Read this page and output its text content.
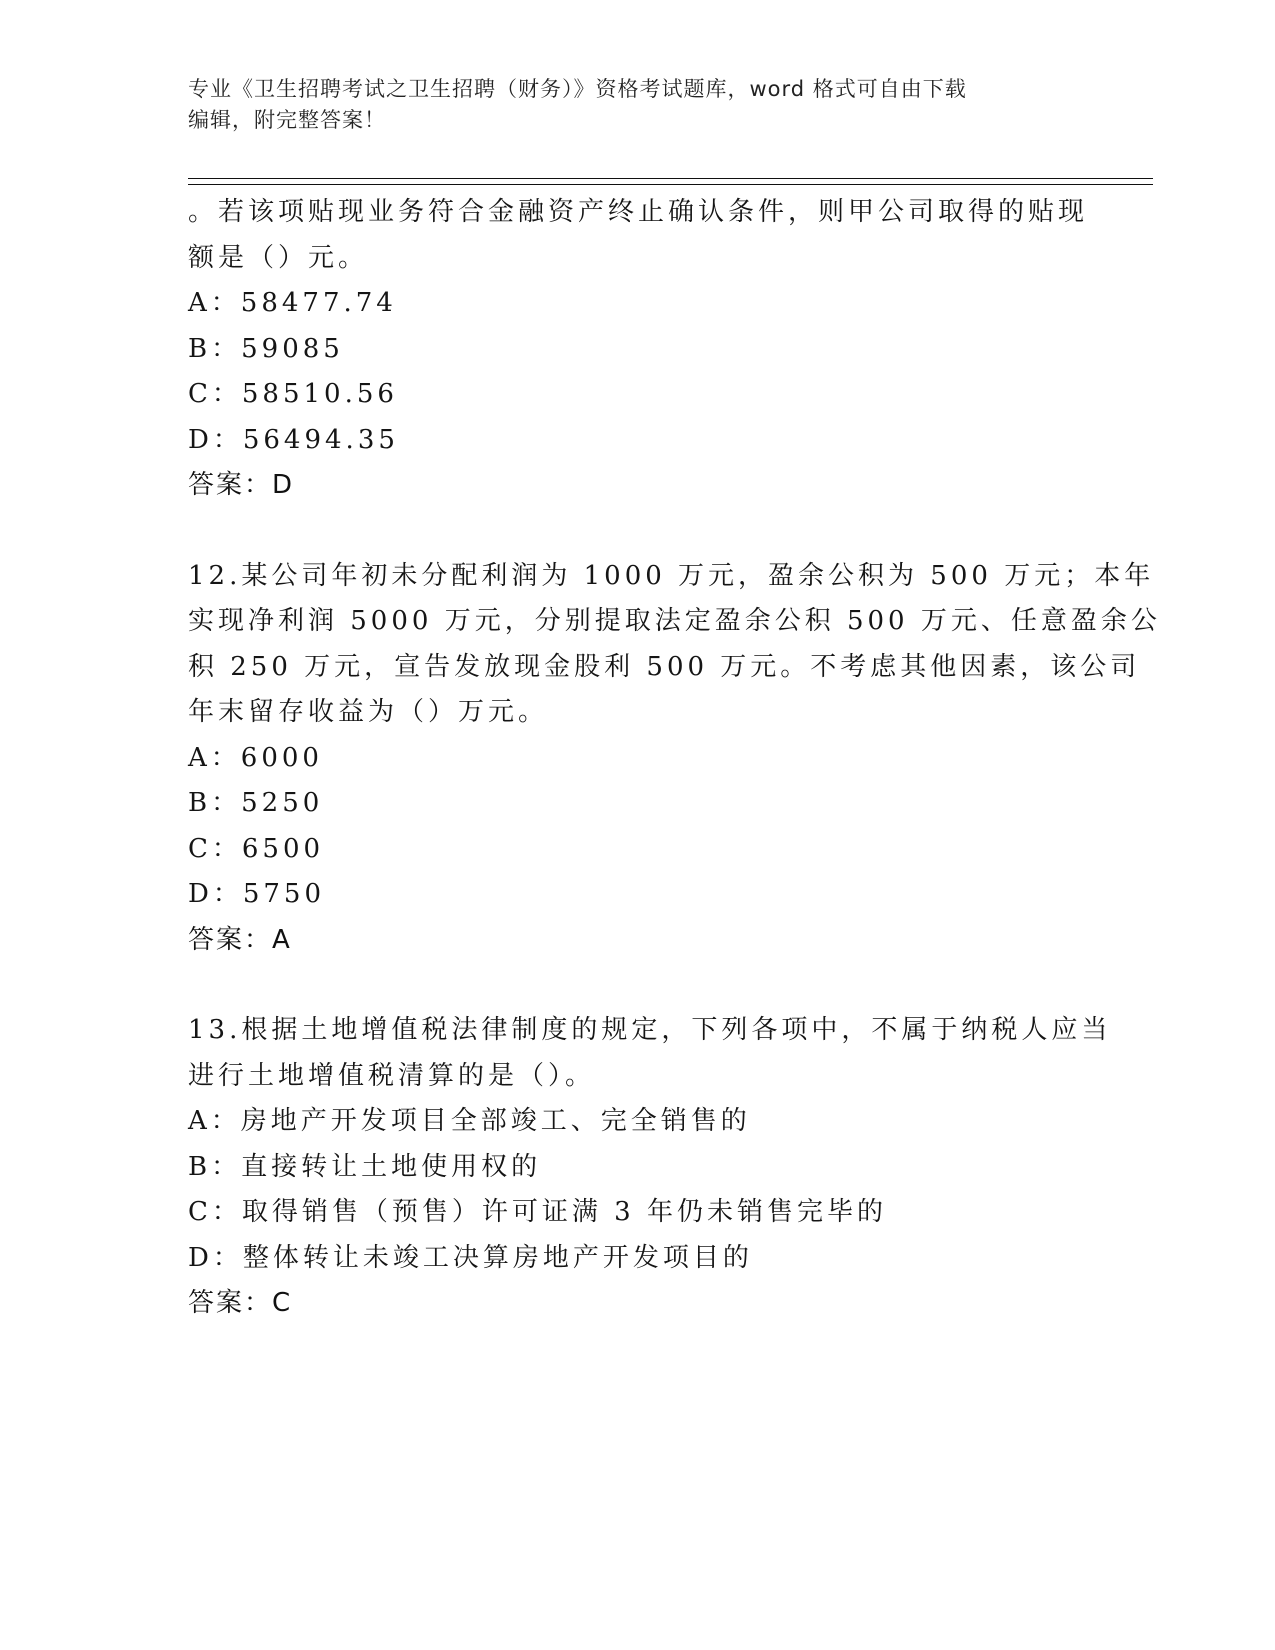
专业《卫生招聘考试之卫生招聘（财务）》资格考试题库，word 格式可自由下载
编辑，附完整答案！
。若该项贴现业务符合金融资产终止确认条件，则甲公司取得的贴现
额是（）元。
A：58477.74
B：59085
C：58510.56
D：56494.35
答案：D
12.某公司年初未分配利润为 1000 万元，盈余公积为 500 万元；本年
实现净利润 5000 万元，分别提取法定盈余公积 500 万元、任意盈余公
积 250 万元，宣告发放现金股利 500 万元。不考虑其他因素，该公司
年末留存收益为（）万元。
A：6000
B：5250
C：6500
D：5750
答案：A
13.根据土地增值税法律制度的规定，下列各项中，不属于纳税人应当
进行土地增值税清算的是（）。
A：房地产开发项目全部竣工、完全销售的
B：直接转让土地使用权的
C：取得销售（预售）许可证满 3 年仍未销售完毕的
D：整体转让未竣工决算房地产开发项目的
答案：C
